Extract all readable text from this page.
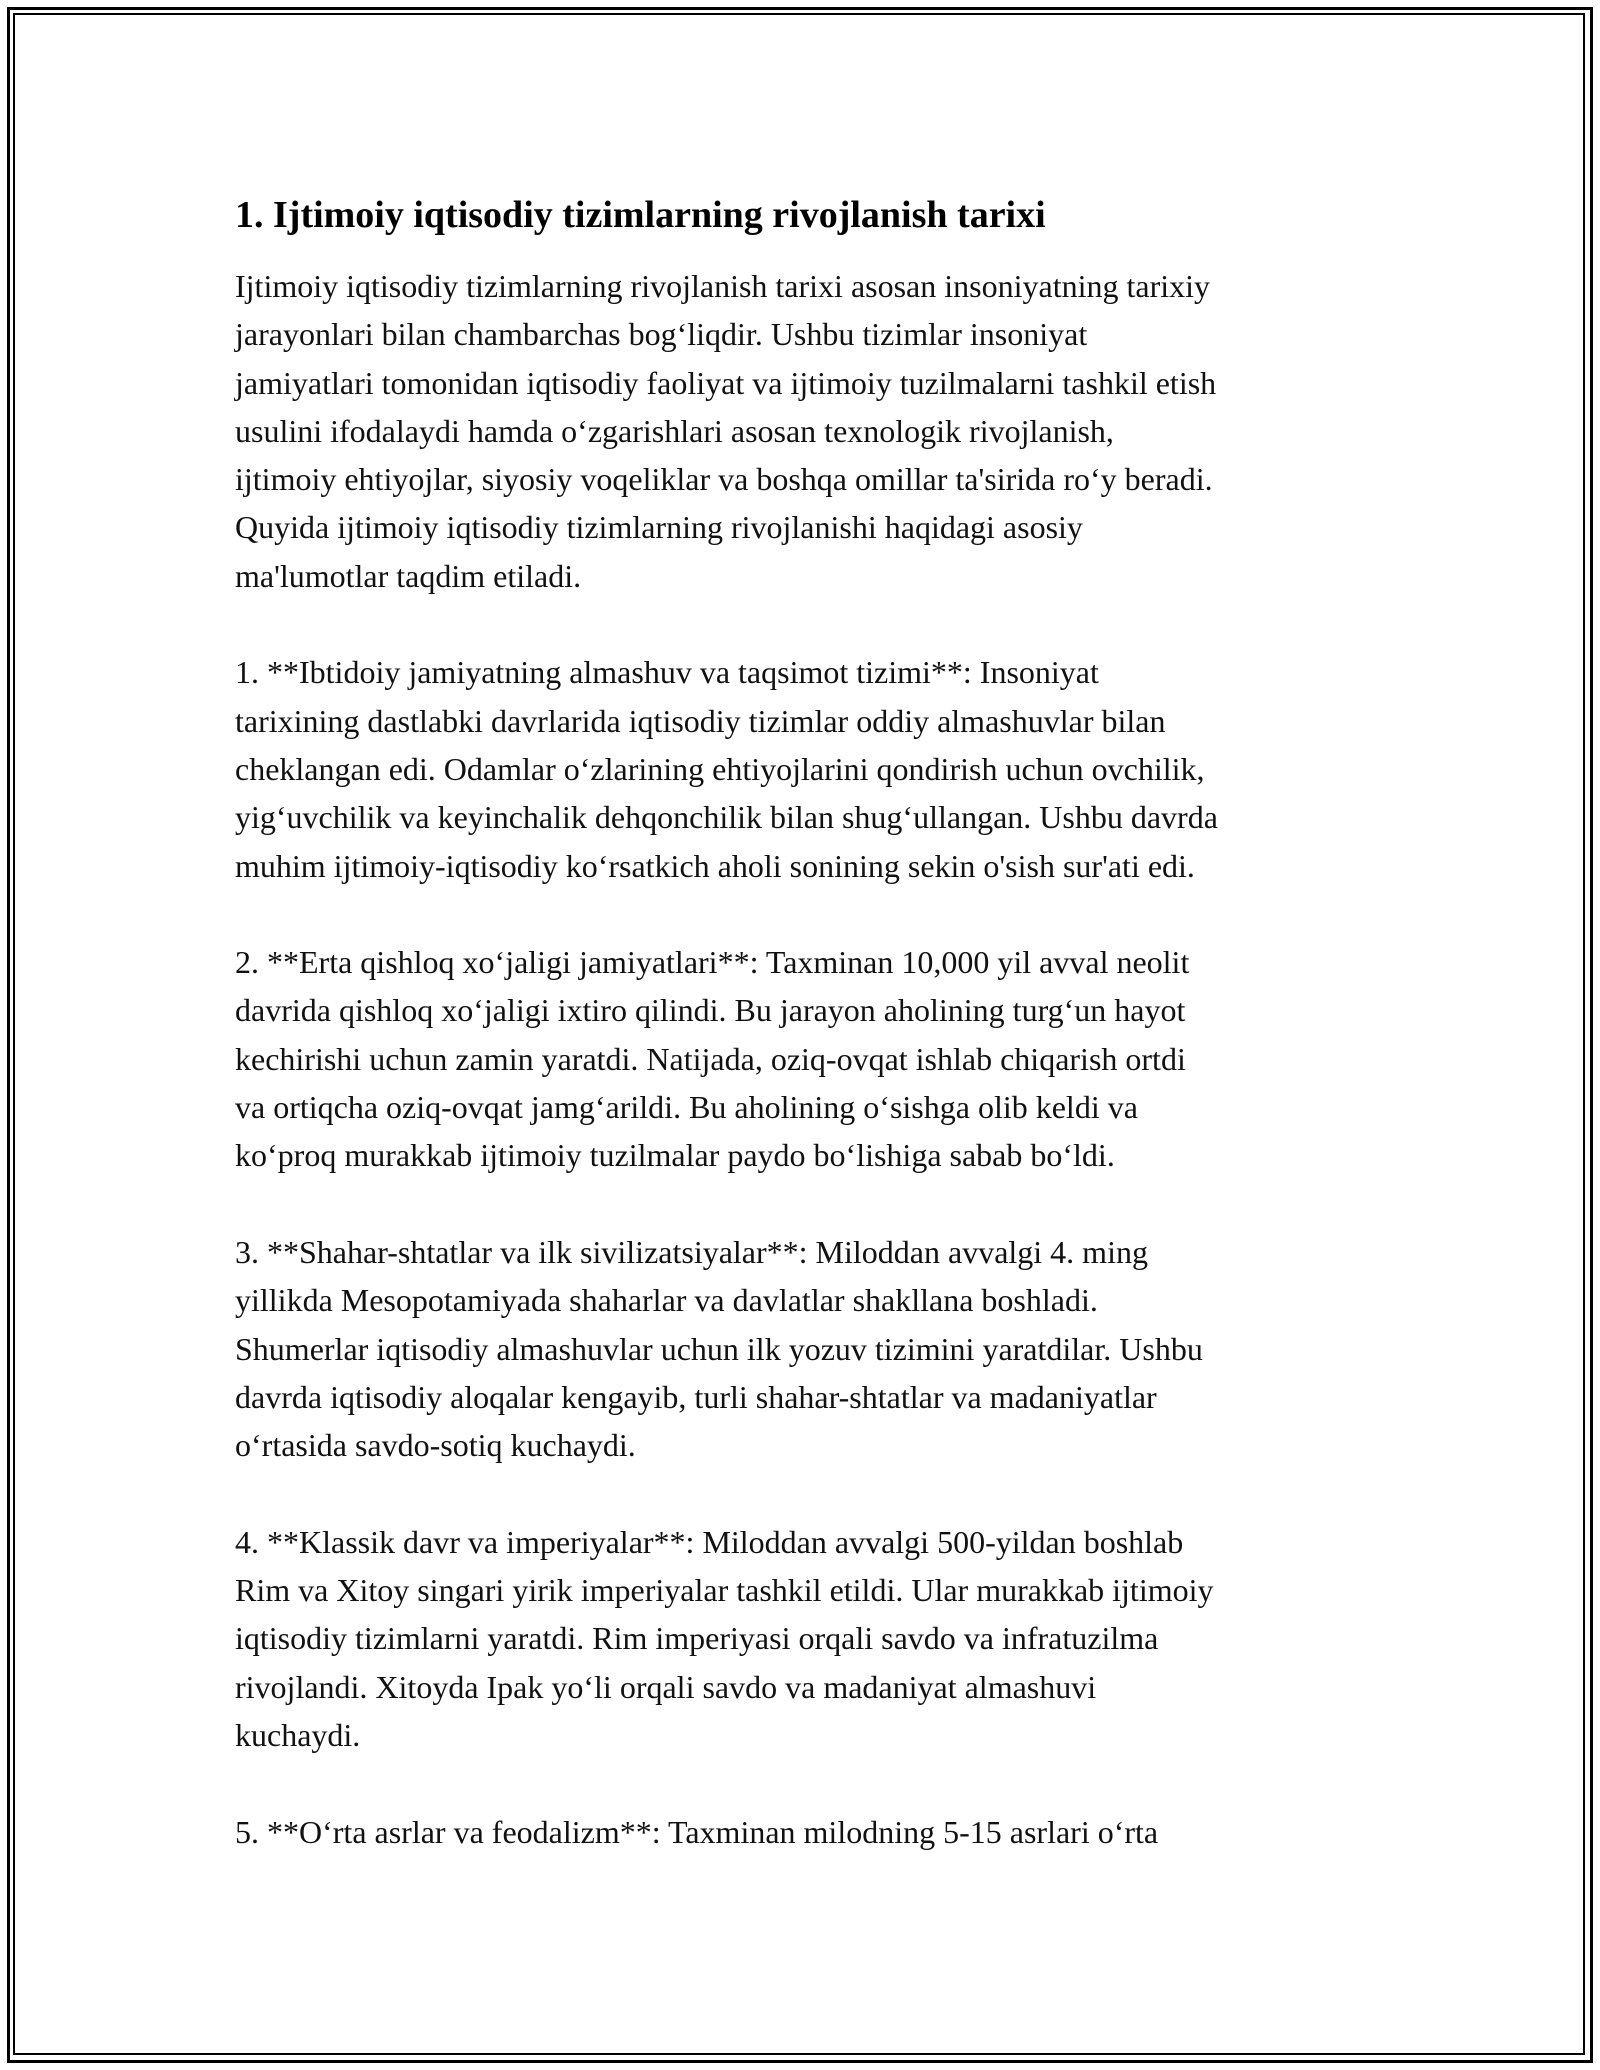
1. Ijtimoiy iqtisodiy tizimlarning rivojlanish tarixi

Ijtimoiy iqtisodiy tizimlarning rivojlanish tarixi asosan insoniyatning tarixiy
jarayonlari bilan chambarchas bog‘liqdir. Ushbu tizimlar insoniyat
jamiyatlari tomonidan iqtisodiy faoliyat va ijtimoiy tuzilmalarni tashkil etish
usulini ifodalaydi hamda o‘zgarishlari asosan texnologik rivojlanish,
ijtimoiy ehtiyojlar, siyosiy voqeliklar va boshqa omillar ta'sirida ro‘y beradi.
Quyida ijtimoiy iqtisodiy tizimlarning rivojlanishi haqidagi asosiy
ma'lumotlar taqdim etiladi.

1. **Ibtidoiy jamiyatning almashuv va taqsimot tizimi**: Insoniyat
tarixining dastlabki davrlarida iqtisodiy tizimlar oddiy almashuvlar bilan
cheklangan edi. Odamlar o‘zlarining ehtiyojlarini qondirish uchun ovchilik,
yig‘uvchilik va keyinchalik dehqonchilik bilan shug‘ullangan. Ushbu davrda
muhim ijtimoiy-iqtisodiy ko‘rsatkich aholi sonining sekin o'sish sur'ati edi.

2. **Erta qishloq xo‘jaligi jamiyatlari**: Taxminan 10,000 yil avval neolit
davrida qishloq xo‘jaligi ixtiro qilindi. Bu jarayon aholining turg‘un hayot
kechirishi uchun zamin yaratdi. Natijada, oziq-ovqat ishlab chiqarish ortdi
va ortiqcha oziq-ovqat jamg‘arildi. Bu aholining o‘sishga olib keldi va
ko‘proq murakkab ijtimoiy tuzilmalar paydo bo‘lishiga sabab bo‘ldi.

3. **Shahar-shtatlar va ilk sivilizatsiyalar**: Miloddan avvalgi 4. ming
yillikda Mesopotamiyada shaharlar va davlatlar shakllana boshladi.
Shumerlar iqtisodiy almashuvlar uchun ilk yozuv tizimini yaratdilar. Ushbu
davrda iqtisodiy aloqalar kengayib, turli shahar-shtatlar va madaniyatlar
o‘rtasida savdo-sotiq kuchaydi.

4. **Klassik davr va imperiyalar**: Miloddan avvalgi 500-yildan boshlab
Rim va Xitoy singari yirik imperiyalar tashkil etildi. Ular murakkab ijtimoiy
iqtisodiy tizimlarni yaratdi. Rim imperiyasi orqali savdo va infratuzilma
rivojlandi. Xitoyda Ipak yo‘li orqali savdo va madaniyat almashuvi
kuchaydi.

5. **O‘rta asrlar va feodalizm**: Taxminan milodning 5-15 asrlari o‘rta
